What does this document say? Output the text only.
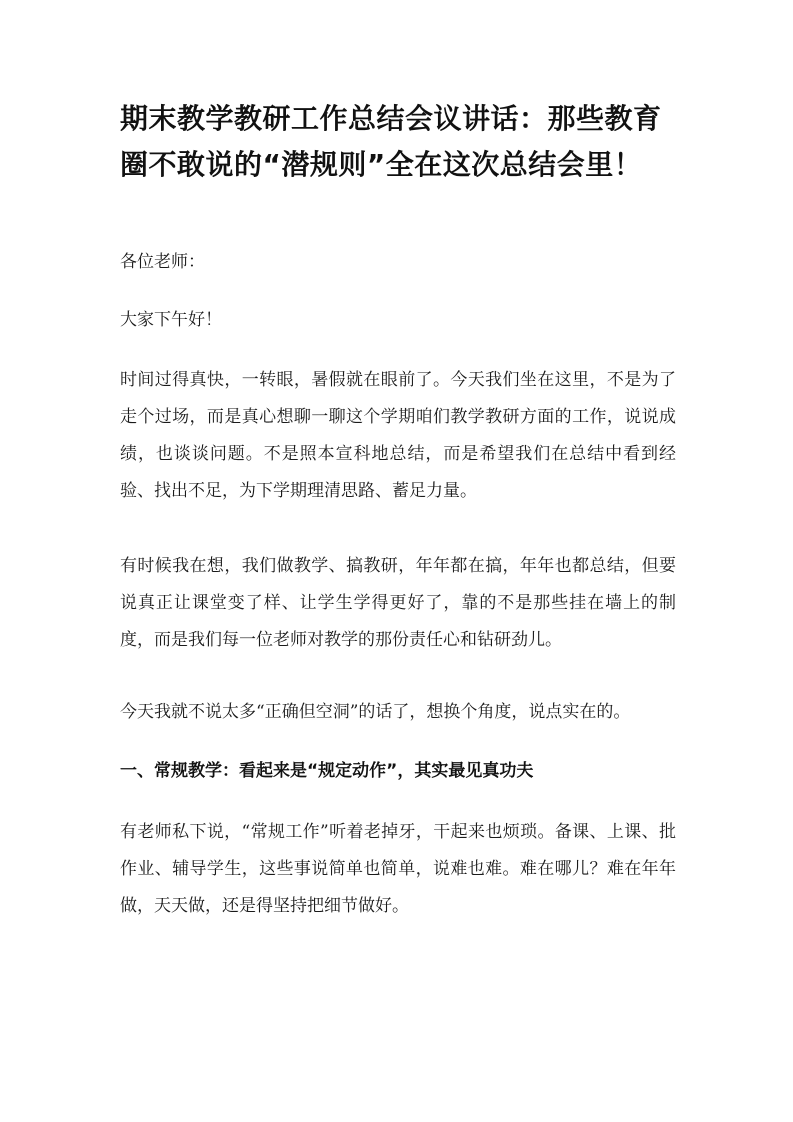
期末教学教研工作总结会议讲话：那些教育圈不敢说的“潜规则”全在这次总结会里！

各位老师：

大家下午好！

时间过得真快，一转眼，暑假就在眼前了。今天我们坐在这里，不是为了走个过场，而是真心想聊一聊这个学期咱们教学教研方面的工作，说说成绩，也谈谈问题。不是照本宣科地总结，而是希望我们在总结中看到经验、找出不足，为下学期理清思路、蓄足力量。

有时候我在想，我们做教学、搞教研，年年都在搞，年年也都总结，但要说真正让课堂变了样、让学生学得更好了，靠的不是那些挂在墙上的制度，而是我们每一位老师对教学的那份责任心和钻研劲儿。

今天我就不说太多“正确但空洞”的话了，想换个角度，说点实在的。

一、常规教学：看起来是“规定动作”，其实最见真功夫

有老师私下说，“常规工作”听着老掉牙，干起来也烦琐。备课、上课、批作业、辅导学生，这些事说简单也简单，说难也难。难在哪儿？难在年年做，天天做，还是得坚持把细节做好。
